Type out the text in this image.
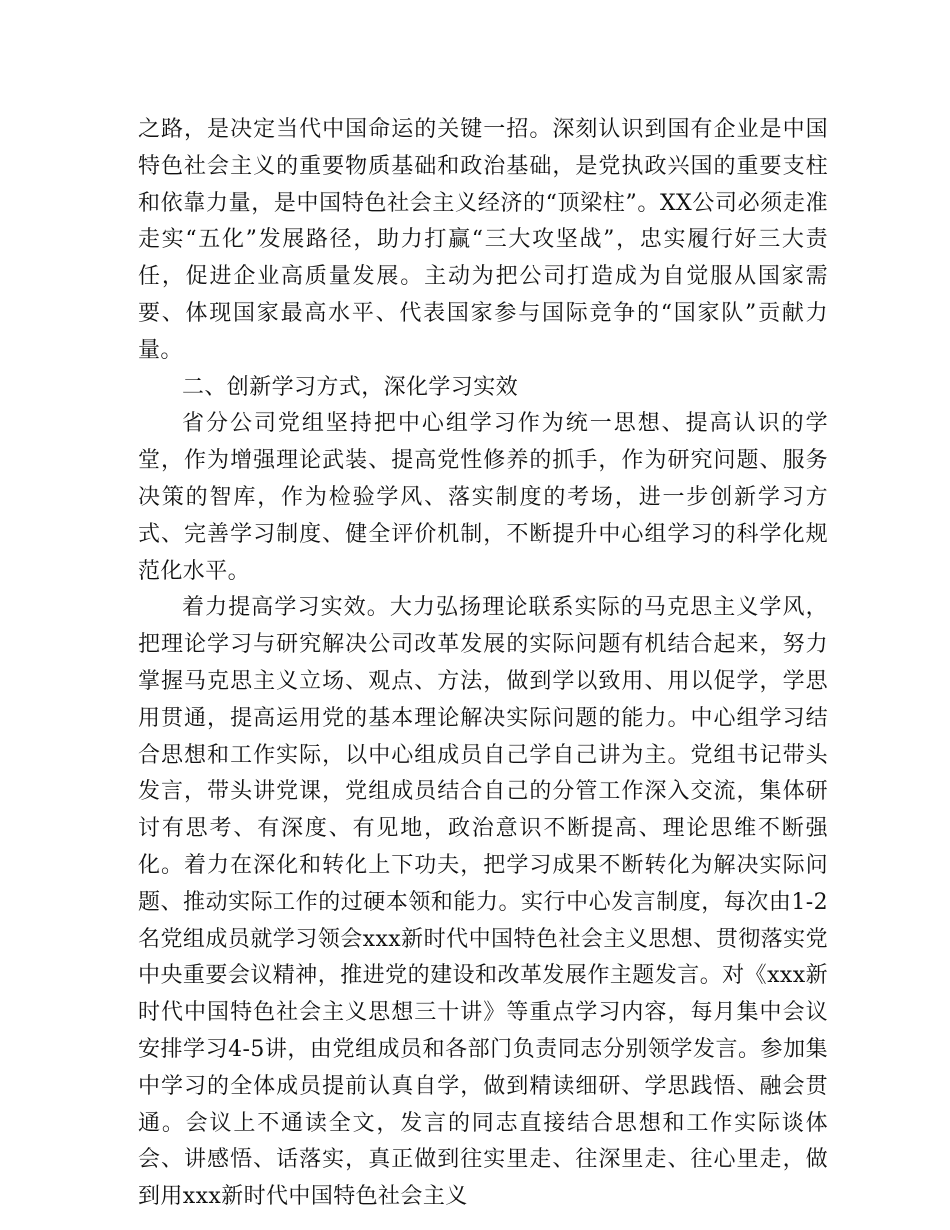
之路，是决定当代中国命运的关键一招。深刻认识到国有企业是中国特色社会主义的重要物质基础和政治基础，是党执政兴国的重要支柱和依靠力量，是中国特色社会主义经济的“顶梁柱”。XX公司必须走准走实“五化”发展路径，助力打赢“三大攻坚战”，忠实履行好三大责任，促进企业高质量发展。主动为把公司打造成为自觉服从国家需要、体现国家最高水平、代表国家参与国际竞争的“国家队”贡献力量。

二、创新学习方式，深化学习实效

省分公司党组坚持把中心组学习作为统一思想、提高认识的学堂，作为增强理论武装、提高党性修养的抓手，作为研究问题、服务决策的智库，作为检验学风、落实制度的考场，进一步创新学习方式、完善学习制度、健全评价机制，不断提升中心组学习的科学化规范化水平。

着力提高学习实效。大力弘扬理论联系实际的马克思主义学风，把理论学习与研究解决公司改革发展的实际问题有机结合起来，努力掌握马克思主义立场、观点、方法，做到学以致用、用以促学，学思用贯通，提高运用党的基本理论解决实际问题的能力。中心组学习结合思想和工作实际，以中心组成员自己学自己讲为主。党组书记带头发言，带头讲党课，党组成员结合自己的分管工作深入交流，集体研讨有思考、有深度、有见地，政治意识不断提高、理论思维不断强化。着力在深化和转化上下功夫，把学习成果不断转化为解决实际问题、推动实际工作的过硬本领和能力。实行中心发言制度，每次由1-2名党组成员就学习领会xxx新时代中国特色社会主义思想、贯彻落实党中央重要会议精神，推进党的建设和改革发展作主题发言。对《xxx新时代中国特色社会主义思想三十讲》等重点学习内容，每月集中会议安排学习4-5讲，由党组成员和各部门负责同志分别领学发言。参加集中学习的全体成员提前认真自学，做到精读细研、学思践悟、融会贯通。会议上不通读全文，发言的同志直接结合思想和工作实际谈体会、讲感悟、话落实，真正做到往实里走、往深里走、往心里走，做到用xxx新时代中国特色社会主义
